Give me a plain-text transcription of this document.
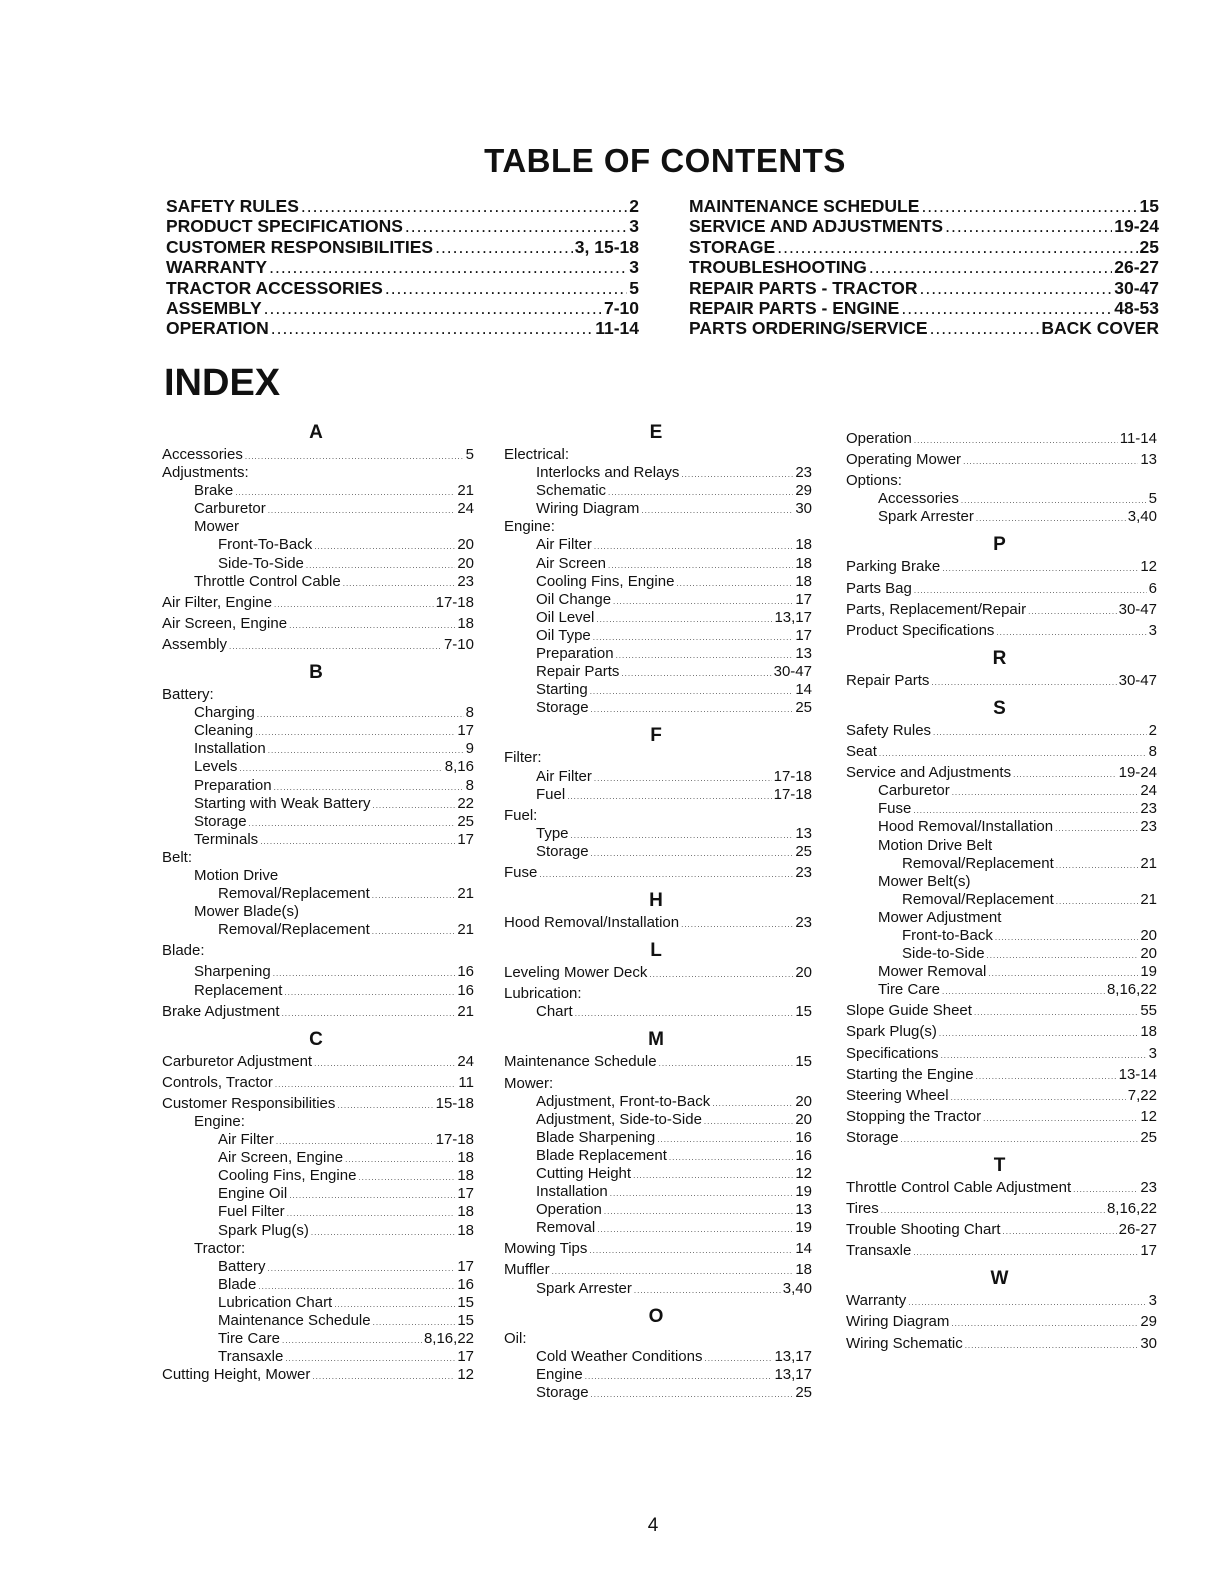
TABLE OF CONTENTS
SAFETY RULES .....	2
PRODUCT SPECIFICATIONS .....	3
CUSTOMER RESPONSIBILITIES .....	3, 15-18
WARRANTY .....	3
TRACTOR ACCESSORIES .....	5
ASSEMBLY .....	7-10
OPERATION .....	11-14
MAINTENANCE SCHEDULE .....	15
SERVICE AND ADJUSTMENTS .....	19-24
STORAGE .....	25
TROUBLESHOOTING .....	26-27
REPAIR PARTS - TRACTOR .....	30-47
REPAIR PARTS - ENGINE .....	48-53
PARTS ORDERING/SERVICE .....	BACK COVER
INDEX
A
Accessories .....	5
Adjustments:
Brake .....	21
Carburetor .....	24
Mower
Front-To-Back .....	20
Side-To-Side .....	20
Throttle Control Cable .....	23
Air Filter, Engine .....	17-18
Air Screen, Engine .....	18
Assembly .....	7-10
B
Battery:
Charging .....	8
Cleaning .....	17
Installation .....	9
Levels .....	8,16
Preparation .....	8
Starting with Weak Battery .....	22
Storage .....	25
Terminals .....	17
Belt:
Motion Drive
Removal/Replacement .....	21
Mower Blade(s)
Removal/Replacement .....	21
Blade:
Sharpening .....	16
Replacement .....	16
Brake Adjustment .....	21
C
Carburetor Adjustment .....	24
Controls, Tractor .....	11
Customer Responsibilities .....	15-18
Engine:
Air Filter .....	17-18
Air Screen, Engine .....	18
Cooling Fins, Engine .....	18
Engine Oil .....	17
Fuel Filter .....	18
Spark Plug(s) .....	18
Tractor:
Battery .....	17
Blade .....	16
Lubrication Chart .....	15
Maintenance Schedule .....	15
Tire Care .....	8,16,22
Transaxle .....	17
Cutting Height, Mower .....	12
E
Electrical:
Interlocks and Relays .....	23
Schematic .....	29
Wiring Diagram .....	30
Engine:
Air Filter .....	18
Air Screen .....	18
Cooling Fins, Engine .....	18
Oil Change .....	17
Oil Level .....	13,17
Oil Type .....	17
Preparation .....	13
Repair Parts .....	30-47
Starting .....	14
Storage .....	25
F
Filter:
Air Filter .....	17-18
Fuel .....	17-18
Fuel:
Type .....	13
Storage .....	25
Fuse .....	23
H
Hood Removal/Installation .....	23
L
Leveling Mower Deck .....	20
Lubrication:
Chart .....	15
M
Maintenance Schedule .....	15
Mower:
Adjustment, Front-to-Back .....	20
Adjustment, Side-to-Side .....	20
Blade Sharpening .....	16
Blade Replacement .....	16
Cutting Height .....	12
Installation .....	19
Operation .....	13
Removal .....	19
Mowing Tips .....	14
Muffler .....	18
Spark Arrester .....	3,40
O
Oil:
Cold Weather Conditions .....	13,17
Engine .....	13,17
Storage .....	25
Operation .....	11-14
Operating Mower .....	13
Options:
Accessories .....	5
Spark Arrester .....	3,40
P
Parking Brake .....	12
Parts Bag .....	6
Parts, Replacement/Repair .....	30-47
Product Specifications .....	3
R
Repair Parts .....	30-47
S
Safety Rules .....	2
Seat .....	8
Service and Adjustments .....	19-24
Carburetor .....	24
Fuse .....	23
Hood Removal/Installation .....	23
Motion Drive Belt
Removal/Replacement .....	21
Mower Belt(s)
Removal/Replacement .....	21
Mower Adjustment
Front-to-Back .....	20
Side-to-Side .....	20
Mower Removal .....	19
Tire Care .....	8,16,22
Slope Guide Sheet .....	55
Spark Plug(s) .....	18
Specifications .....	3
Starting the Engine .....	13-14
Steering Wheel .....	7,22
Stopping the Tractor .....	12
Storage .....	25
T
Throttle Control Cable Adjustment .....	23
Tires .....	8,16,22
Trouble Shooting Chart .....	26-27
Transaxle .....	17
W
Warranty .....	3
Wiring Diagram .....	29
Wiring Schematic .....	30
4
